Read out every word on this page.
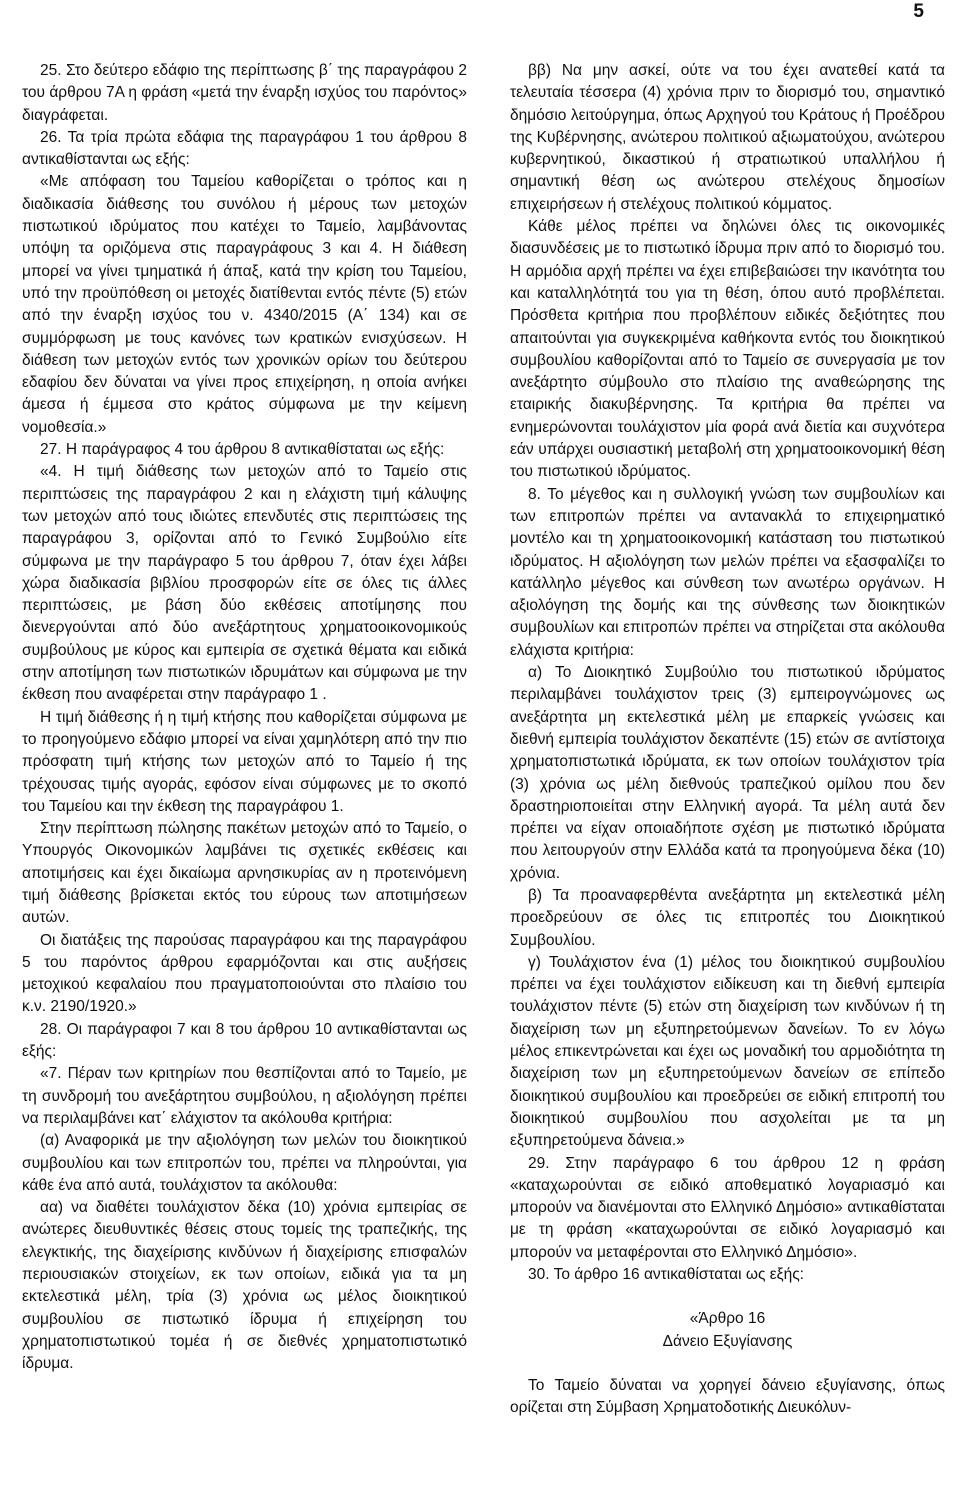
5

25. Στο δεύτερο εδάφιο της περίπτωσης β΄ της παραγράφου 2 του άρθρου 7Α η φράση «μετά την έναρξη ισχύος του παρόντος» διαγράφεται.

26. Τα τρία πρώτα εδάφια της παραγράφου 1 του άρθρου 8 αντικαθίστανται ως εξής:

«Με απόφαση του Ταμείου καθορίζεται ο τρόπος και η διαδικασία διάθεσης του συνόλου ή μέρους των μετοχών πιστωτικού ιδρύματος που κατέχει το Ταμείο, λαμβάνοντας υπόψη τα οριζόμενα στις παραγράφους 3 και 4. Η διάθεση μπορεί να γίνει τμηματικά ή άπαξ, κατά την κρίση του Ταμείου, υπό την προϋπόθεση οι μετοχές διατίθενται εντός πέντε (5) ετών από την έναρξη ισχύος του ν. 4340/2015 (Α΄ 134) και σε συμμόρφωση με τους κανόνες των κρατικών ενισχύσεων. Η διάθεση των μετοχών εντός των χρονικών ορίων του δεύτερου εδαφίου δεν δύναται να γίνει προς επιχείρηση, η οποία ανήκει άμεσα ή έμμεσα στο κράτος σύμφωνα με την κείμενη νομοθεσία.»

27. Η παράγραφος 4 του άρθρου 8 αντικαθίσταται ως εξής:

«4. Η τιμή διάθεσης των μετοχών από το Ταμείο στις περιπτώσεις της παραγράφου 2 και η ελάχιστη τιμή κάλυψης των μετοχών από τους ιδιώτες επενδυτές στις περιπτώσεις της παραγράφου 3, ορίζονται από το Γενικό Συμβούλιο είτε σύμφωνα με την παράγραφο 5 του άρθρου 7, όταν έχει λάβει χώρα διαδικασία βιβλίου προσφορών είτε σε όλες τις άλλες περιπτώσεις, με βάση δύο εκθέσεις αποτίμησης που διενεργούνται από δύο ανεξάρτητους χρηματοοικονομικούς συμβούλους με κύρος και εμπειρία σε σχετικά θέματα και ειδικά στην αποτίμηση των πιστωτικών ιδρυμάτων και σύμφωνα με την έκθεση που αναφέρεται στην παράγραφο 1 .

Η τιμή διάθεσης ή η τιμή κτήσης που καθορίζεται σύμφωνα με το προηγούμενο εδάφιο μπορεί να είναι χαμηλότερη από την πιο πρόσφατη τιμή κτήσης των μετοχών από το Ταμείο ή της τρέχουσας τιμής αγοράς, εφόσον είναι σύμφωνες με το σκοπό του Ταμείου και την έκθεση της παραγράφου 1.

Στην περίπτωση πώλησης πακέτων μετοχών από το Ταμείο, ο Υπουργός Οικονομικών λαμβάνει τις σχετικές εκθέσεις και αποτιμήσεις και έχει δικαίωμα αρνησικυρίας αν η προτεινόμενη τιμή διάθεσης βρίσκεται εκτός του εύρους των αποτιμήσεων αυτών.

Οι διατάξεις της παρούσας παραγράφου και της παραγράφου 5 του παρόντος άρθρου εφαρμόζονται και στις αυξήσεις μετοχικού κεφαλαίου που πραγματοποιούνται στο πλαίσιο του κ.ν. 2190/1920.»

28. Οι παράγραφοι 7 και 8 του άρθρου 10 αντικαθίστανται ως εξής:

«7. Πέραν των κριτηρίων που θεσπίζονται από το Ταμείο, με τη συνδρομή του ανεξάρτητου συμβούλου, η αξιολόγηση πρέπει να περιλαμβάνει κατ΄ ελάχιστον τα ακόλουθα κριτήρια:

(α) Αναφορικά με την αξιολόγηση των μελών του διοικητικού συμβουλίου και των επιτροπών του, πρέπει να πληρούνται, για κάθε ένα από αυτά, τουλάχιστον τα ακόλουθα:

αα) να διαθέτει τουλάχιστον δέκα (10) χρόνια εμπειρίας σε ανώτερες διευθυντικές θέσεις στους τομείς της τραπεζικής, της ελεγκτικής, της διαχείρισης κινδύνων ή διαχείρισης επισφαλών περιουσιακών στοιχείων, εκ των οποίων, ειδικά για τα μη εκτελεστικά μέλη, τρία (3) χρόνια ως μέλος διοικητικού συμβουλίου σε πιστωτικό ίδρυμα ή επιχείρηση του χρηματοπιστωτικού τομέα ή σε διεθνές χρηματοπιστωτικό ίδρυμα.

ββ) Να μην ασκεί, ούτε να του έχει ανατεθεί κατά τα τελευταία τέσσερα (4) χρόνια πριν το διορισμό του, σημαντικό δημόσιο λειτούργημα, όπως Αρχηγού του Κράτους ή Προέδρου της Κυβέρνησης, ανώτερου πολιτικού αξιωματούχου, ανώτερου κυβερνητικού, δικαστικού ή στρατιωτικού υπαλλήλου ή σημαντική θέση ως ανώτερου στελέχους δημοσίων επιχειρήσεων ή στελέχους πολιτικού κόμματος.

Κάθε μέλος πρέπει να δηλώνει όλες τις οικονομικές διασυνδέσεις με το πιστωτικό ίδρυμα πριν από το διορισμό του. Η αρμόδια αρχή πρέπει να έχει επιβεβαιώσει την ικανότητα του και καταλληλότητά του για τη θέση, όπου αυτό προβλέπεται. Πρόσθετα κριτήρια που προβλέπουν ειδικές δεξιότητες που απαιτούνται για συγκεκριμένα καθήκοντα εντός του διοικητικού συμβουλίου καθορίζονται από το Ταμείο σε συνεργασία με τον ανεξάρτητο σύμβουλο στο πλαίσιο της αναθεώρησης της εταιρικής διακυβέρνησης. Τα κριτήρια θα πρέπει να ενημερώνονται τουλάχιστον μία φορά ανά διετία και συχνότερα εάν υπάρχει ουσιαστική μεταβολή στη χρηματοοικονομική θέση του πιστωτικού ιδρύματος.

8. Το μέγεθος και η συλλογική γνώση των συμβουλίων και των επιτροπών πρέπει να αντανακλά το επιχειρηματικό μοντέλο και τη χρηματοοικονομική κατάσταση του πιστωτικού ιδρύματος. Η αξιολόγηση των μελών πρέπει να εξασφαλίζει το κατάλληλο μέγεθος και σύνθεση των ανωτέρω οργάνων. Η αξιολόγηση της δομής και της σύνθεσης των διοικητικών συμβουλίων και επιτροπών πρέπει να στηρίζεται στα ακόλουθα ελάχιστα κριτήρια:

α) Το Διοικητικό Συμβούλιο του πιστωτικού ιδρύματος περιλαμβάνει τουλάχιστον τρεις (3) εμπειρογνώμονες ως ανεξάρτητα μη εκτελεστικά μέλη με επαρκείς γνώσεις και διεθνή εμπειρία τουλάχιστον δεκαπέντε (15) ετών σε αντίστοιχα χρηματοπιστωτικά ιδρύματα, εκ των οποίων τουλάχιστον τρία (3) χρόνια ως μέλη διεθνούς τραπεζικού ομίλου που δεν δραστηριοποιείται στην Ελληνική αγορά. Τα μέλη αυτά δεν πρέπει να είχαν οποιαδήποτε σχέση με πιστωτικό ιδρύματα που λειτουργούν στην Ελλάδα κατά τα προηγούμενα δέκα (10) χρόνια.

β) Τα προαναφερθέντα ανεξάρτητα μη εκτελεστικά μέλη προεδρεύουν σε όλες τις επιτροπές του Διοικητικού Συμβουλίου.

γ) Τουλάχιστον ένα (1) μέλος του διοικητικού συμβουλίου πρέπει να έχει τουλάχιστον ειδίκευση και τη διεθνή εμπειρία τουλάχιστον πέντε (5) ετών στη διαχείριση των κινδύνων ή τη διαχείριση των μη εξυπηρετούμενων δανείων. Το εν λόγω μέλος επικεντρώνεται και έχει ως μοναδική του αρμοδιότητα τη διαχείριση των μη εξυπηρετούμενων δανείων σε επίπεδο διοικητικού συμβουλίου και προεδρεύει σε ειδική επιτροπή του διοικητικού συμβουλίου που ασχολείται με τα μη εξυπηρετούμενα δάνεια.»

29. Στην παράγραφο 6 του άρθρου 12 η φράση «καταχωρούνται σε ειδικό αποθεματικό λογαριασμό και μπορούν να διανέμονται στο Ελληνικό Δημόσιο» αντικαθίσταται με τη φράση «καταχωρούνται σε ειδικό λογαριασμό και μπορούν να μεταφέρονται στο Ελληνικό Δημόσιο».

30. Το άρθρο 16 αντικαθίσταται ως εξής:

«Άρθρο 16

Δάνειο Εξυγίανσης

Το Ταμείο δύναται να χορηγεί δάνειο εξυγίανσης, όπως ορίζεται στη Σύμβαση Χρηματοδοτικής Διευκόλυν-
